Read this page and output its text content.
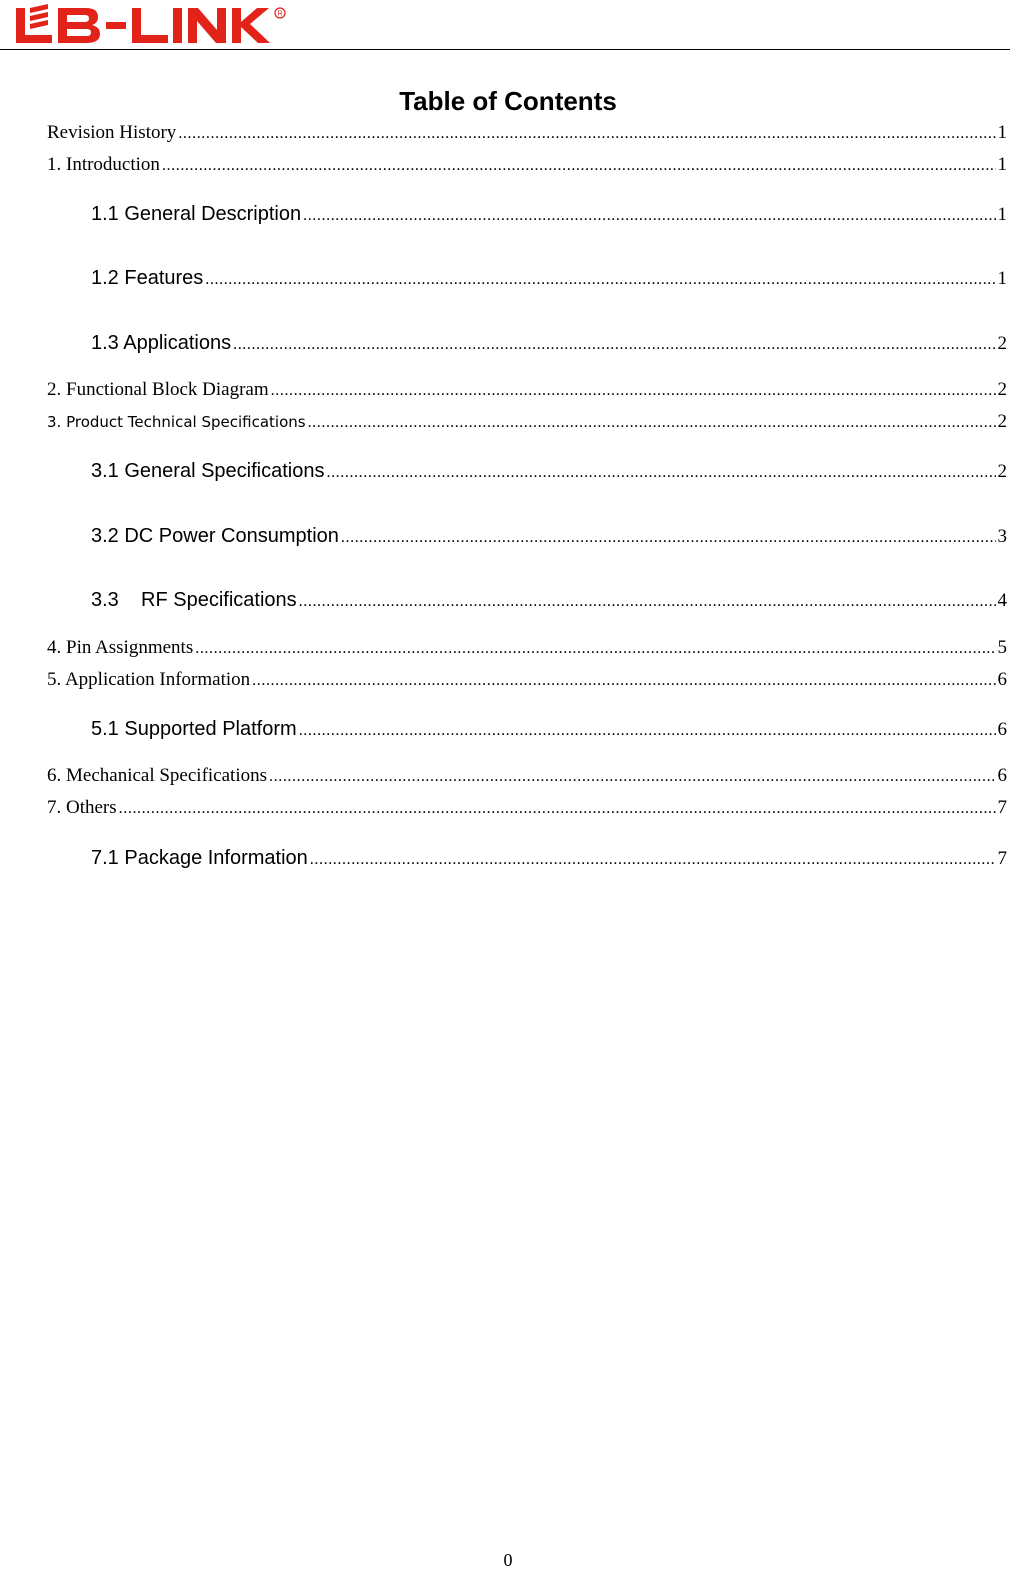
R
Table of Contents
Revision History .....	1
1. Introduction .....	1
1.1 General Description .....	1
1.2 Features .....	1
1.3 Applications .....	2
2. Functional Block Diagram .....	2
3. Product Technical Specifications .....	2
3.1 General Specifications .....	2
3.2 DC Power Consumption .....	3
3.3    RF Specifications .....	4
4. Pin Assignments .....	5
5. Application Information .....	6
5.1 Supported Platform .....	6
6. Mechanical Specifications .....	6
7. Others .....	7
7.1 Package Information .....	7
0
